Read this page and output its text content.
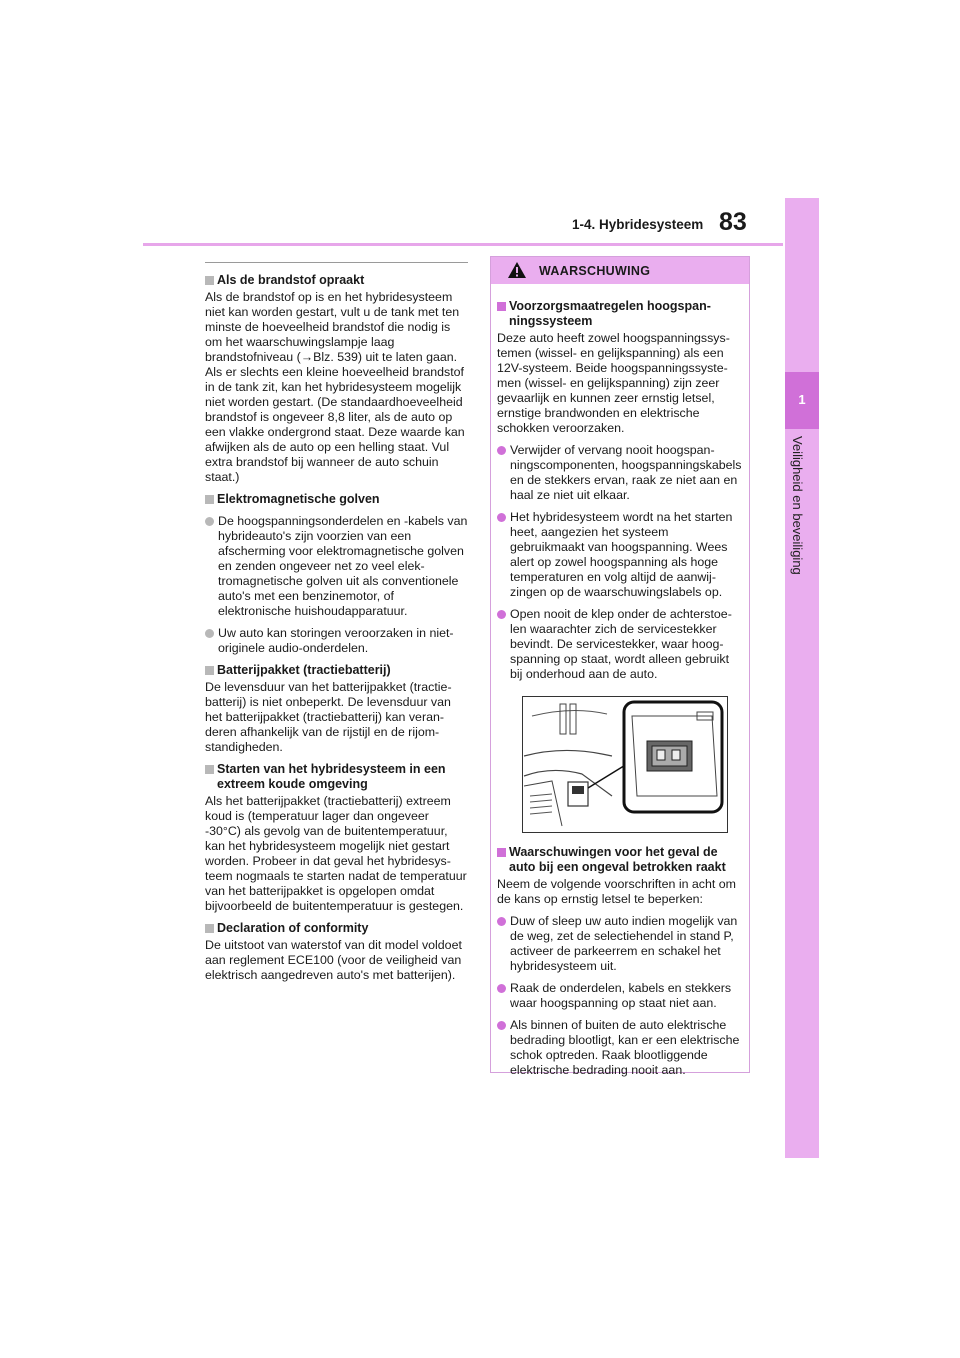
1
Veiligheid en beveiliging
1-4. Hybridesysteem 83
Als de brandstof opraakt
Als de brandstof op is en het hybridesysteem niet kan worden gestart, vult u de tank met ten minste de hoeveelheid brandstof die nodig is om het waarschuwingslampje laag brandstofniveau (→Blz. 539) uit te laten gaan. Als er slechts een kleine hoeveelheid brandstof in de tank zit, kan het hybridesysteem mogelijk niet worden gestart. (De standaardhoeveelheid brandstof is ongeveer 8,8 liter, als de auto op een vlakke ondergrond staat. Deze waarde kan afwijken als de auto op een helling staat. Vul extra brandstof bij wanneer de auto schuin staat.)
Elektromagnetische golven
De hoogspanningsonderdelen en -kabels van hybrideauto's zijn voorzien van een afscherming voor elektromagnetische golven en zenden ongeveer net zo veel elektromagnetische golven uit als conventionele auto's met een benzinemotor, of elektronische huishoudapparatuur.
Uw auto kan storingen veroorzaken in niet-originele audio-onderdelen.
Batterijpakket (tractiebatterij)
De levensduur van het batterijpakket (tractiebatterij) is niet onbeperkt. De levensduur van het batterijpakket (tractiebatterij) kan veranderen afhankelijk van de rijstijl en de rijomstandigheden.
Starten van het hybridesysteem in een extreem koude omgeving
Als het batterijpakket (tractiebatterij) extreem koud is (temperatuur lager dan ongeveer -30°C) als gevolg van de buitentemperatuur, kan het hybridesysteem mogelijk niet gestart worden. Probeer in dat geval het hybridesysteem nogmaals te starten nadat de temperatuur van het batterijpakket is opgelopen omdat bijvoorbeeld de buitentemperatuur is gestegen.
Declaration of conformity
De uitstoot van waterstof van dit model voldoet aan reglement ECE100 (voor de veiligheid van elektrisch aangedreven auto's met batterijen).
WAARSCHUWING
Voorzorgsmaatregelen hoogspanningssysteem
Deze auto heeft zowel hoogspanningssystemen (wissel- en gelijkspanning) als een 12V-systeem. Beide hoogspanningssystemen (wissel- en gelijkspanning) zijn zeer gevaarlijk en kunnen zeer ernstig letsel, ernstige brandwonden en elektrische schokken veroorzaken.
Verwijder of vervang nooit hoogspanningscomponenten, hoogspanningskabels en de stekkers ervan, raak ze niet aan en haal ze niet uit elkaar.
Het hybridesysteem wordt na het starten heet, aangezien het systeem gebruikmaakt van hoogspanning. Wees alert op zowel hoogspanning als hoge temperaturen en volg altijd de aanwijzingen op de waarschuwingslabels op.
Open nooit de klep onder de achterstoelen waarachter zich de servicestekker bevindt. De servicestekker, waar hoogspanning op staat, wordt alleen gebruikt bij onderhoud aan de auto.
Waarschuwingen voor het geval de auto bij een ongeval betrokken raakt
Neem de volgende voorschriften in acht om de kans op ernstig letsel te beperken:
Duw of sleep uw auto indien mogelijk van de weg, zet de selectiehendel in stand P, activeer de parkeerrem en schakel het hybridesysteem uit.
Raak de onderdelen, kabels en stekkers waar hoogspanning op staat niet aan.
Als binnen of buiten de auto elektrische bedrading blootligt, kan er een elektrische schok optreden. Raak blootliggende elektrische bedrading nooit aan.
